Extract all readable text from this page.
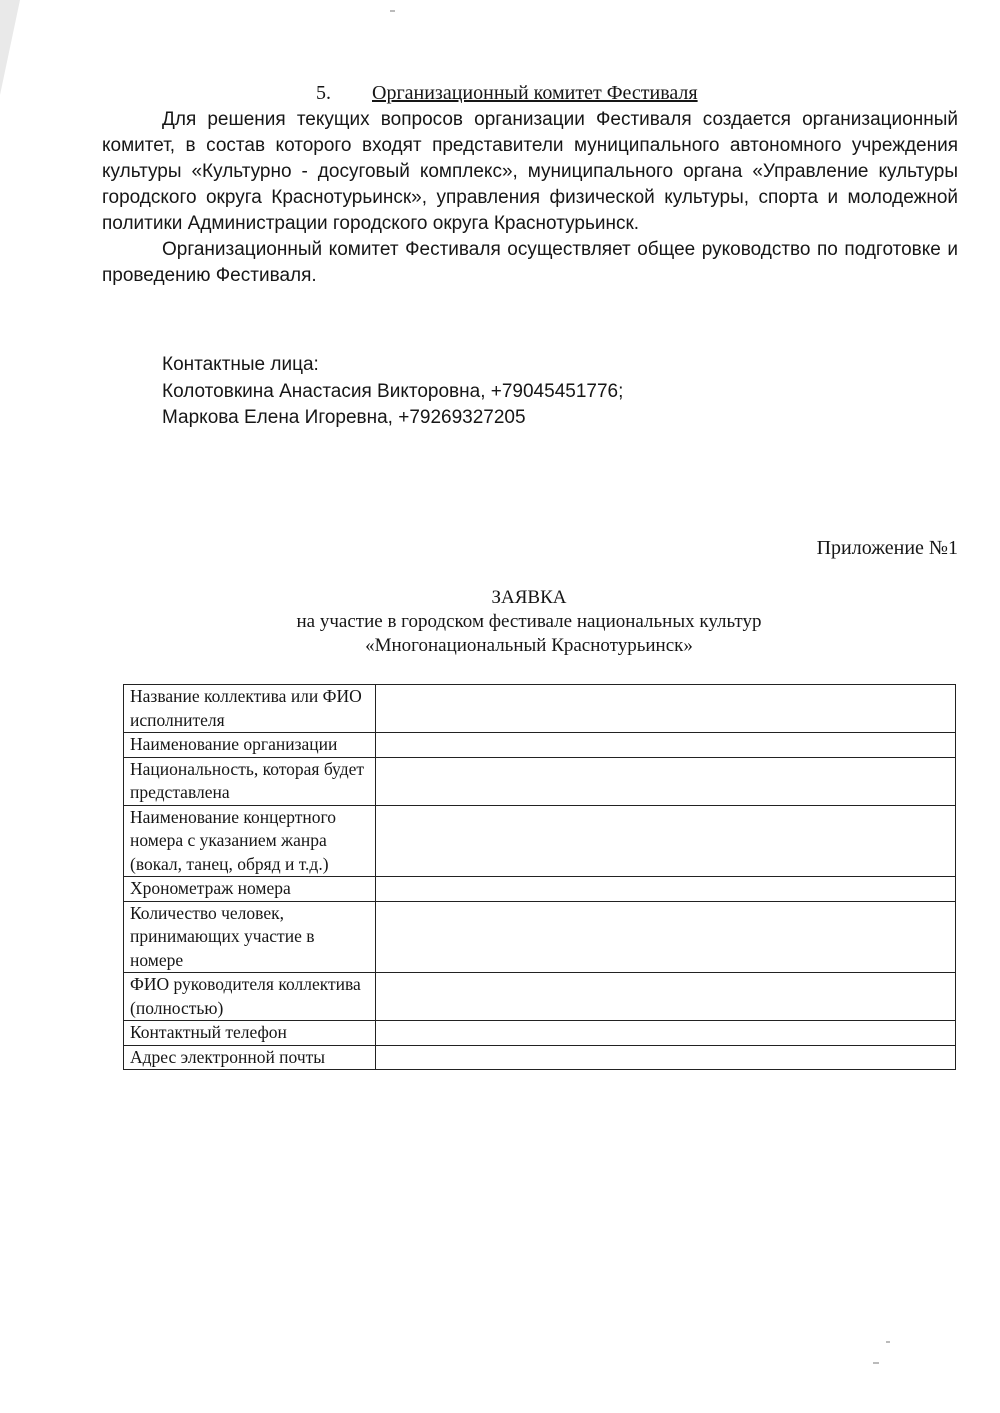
5. Организационный комитет Фестиваля

Для решения текущих вопросов организации Фестиваля создается организационный комитет, в состав которого входят представители муниципального автономного учреждения культуры «Культурно - досуговый комплекс», муниципального органа «Управление культуры городского округа Краснотурьинск», управления физической культуры, спорта и молодежной политики Администрации городского округа Краснотурьинск.

Организационный комитет Фестиваля осуществляет общее руководство по подготовке и проведению Фестиваля.

Контактные лица:
Колотовкина Анастасия Викторовна, +79045451776;
Маркова Елена Игоревна, +79269327205
Приложение №1
ЗАЯВКА
на участие в городском фестивале национальных культур
«Многонациональный Краснотурьинск»
Название коллектива или ФИО исполнителя	
Наименование организации	
Национальность, которая будет представлена	
Наименование концертного номера с указанием жанра (вокал, танец, обряд и т.д.)	
Хронометраж номера	
Количество человек, принимающих участие в номере	
ФИО руководителя коллектива (полностью)	
Контактный телефон	
Адрес электронной почты	
